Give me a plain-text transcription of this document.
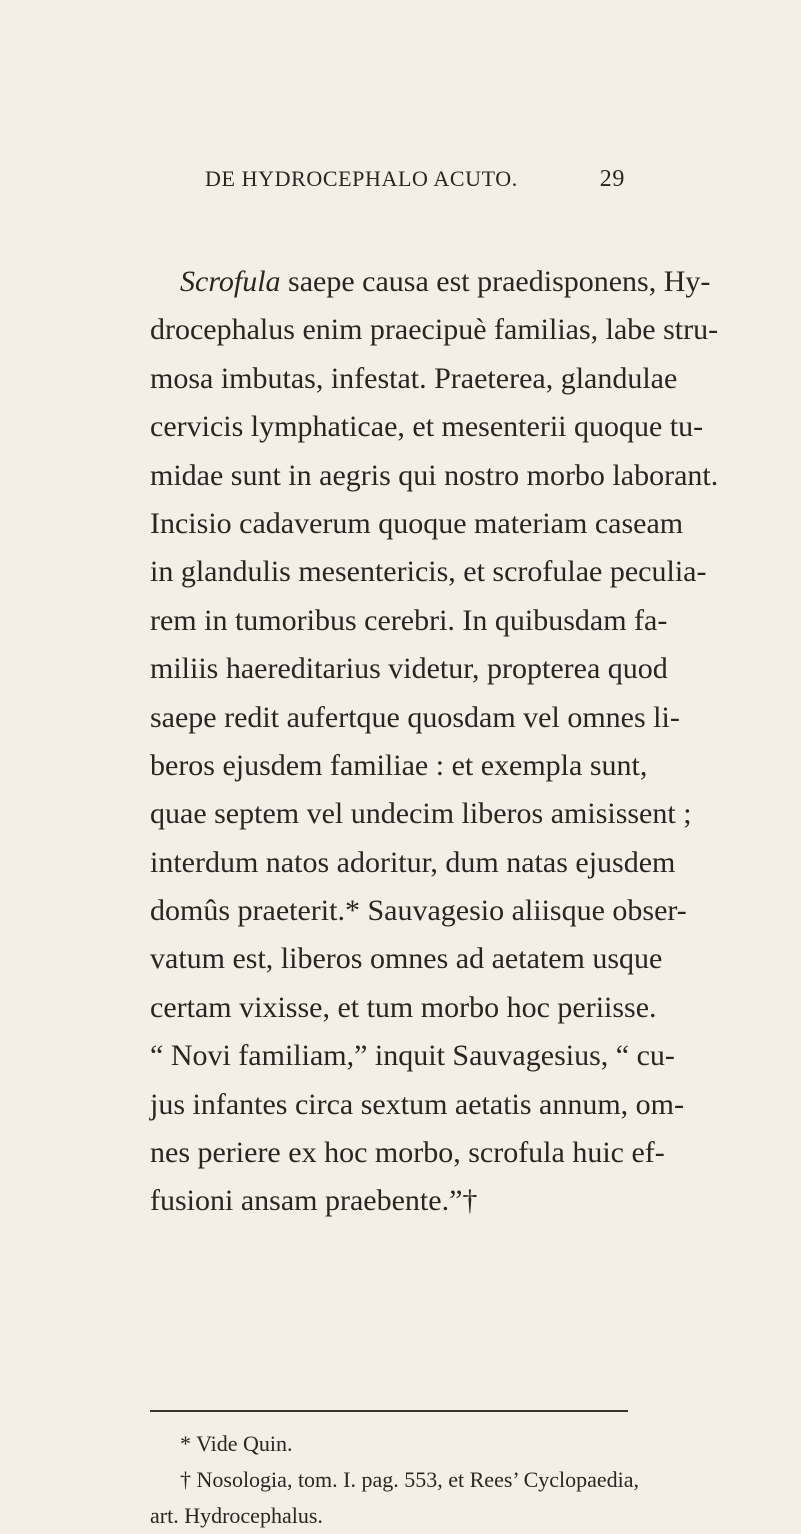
DE HYDROCEPHALO ACUTO.	29
Scrofula saepe causa est praedisponens, Hy-
drocephalus enim praecipuè familias, labe stru-
mosa imbutas, infestat. Praeterea, glandulae
cervicis lymphaticae, et mesenterii quoque tu-
midae sunt in aegris qui nostro morbo laborant.
Incisio cadaverum quoque materiam caseam
in glandulis mesentericis, et scrofulae peculia-
rem in tumoribus cerebri. In quibusdam fa-
miliis haereditarius videtur, propterea quod
saepe redit aufertque quosdam vel omnes li-
beros ejusdem familiae : et exempla sunt,
quae septem vel undecim liberos amisissent ;
interdum natos adoritur, dum natas ejusdem
domûs praeterit.* Sauvagesio aliisque obser-
vatum est, liberos omnes ad aetatem usque
certam vixisse, et tum morbo hoc periisse.
“ Novi familiam,” inquit Sauvagesius, “ cu-
jus infantes circa sextum aetatis annum, om-
nes periere ex hoc morbo, scrofula huic ef-
fusioni ansam praebente.”†
* Vide Quin.
† Nosologia, tom. I. pag. 553, et Rees’ Cyclopaedia,
art. Hydrocephalus.
